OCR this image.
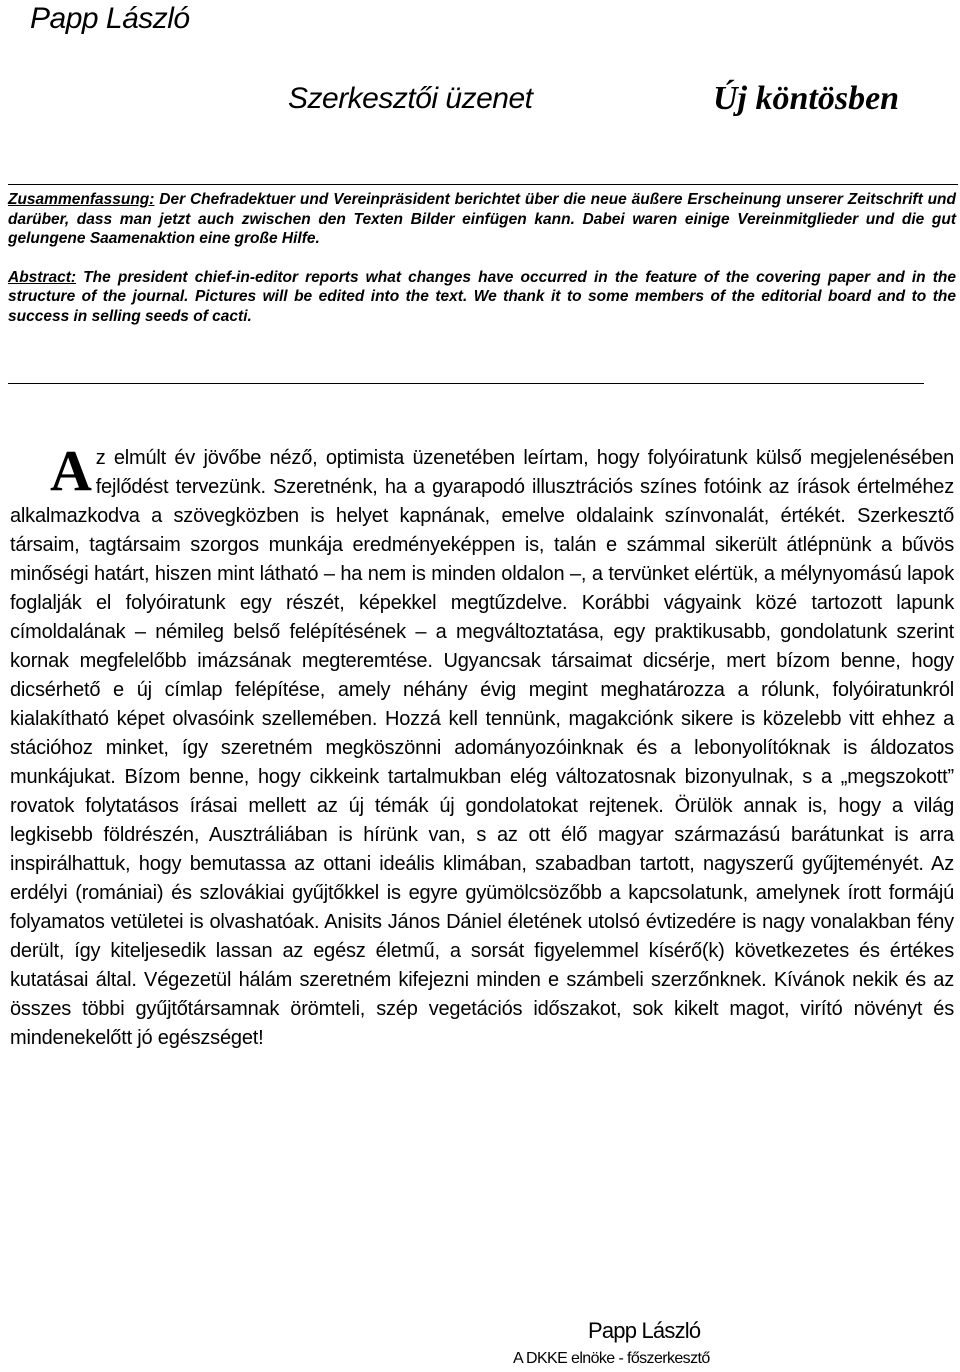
Papp László
Szerkesztői üzenet	Új köntösben

Zusammenfassung: Der Chefradektuer und Vereinpräsident berichtet über die neue äußere Erscheinung unserer Zeitschrift und darüber, dass man jetzt auch zwischen den Texten Bilder einfügen kann. Dabei waren einige Vereinmitglieder und die gut gelungene Saamenaktion eine große Hilfe.

Abstract: The president chief-in-editor reports what changes have occurred in the feature of the covering paper and in the structure of the journal. Pictures will be edited into the text. We thank it to some members of the editorial board and to the success in selling seeds of cacti.

Az elmúlt év jövőbe néző, optimista üzenetében leírtam, hogy folyóiratunk külső megjelenésében fejlődést tervezünk. Szeretnénk, ha a gyarapodó illusztrációs színes fotóink az írások értelméhez alkalmazkodva a szövegközben is helyet kapnának, emelve oldalaink színvonalát, értékét. Szerkesztő társaim, tagtársaim szorgos munkája eredményeképpen is, talán e számmal sikerült átlépnünk a bűvös minőségi határt, hiszen mint látható – ha nem is minden oldalon –, a tervünket elértük, a mélynyomású lapok foglalják el folyóiratunk egy részét, képekkel megtűzdelve. Korábbi vágyaink közé tartozott lapunk címoldalának – némileg belső felépítésének – a megváltoztatása, egy praktikusabb, gondolatunk szerint kornak megfelelőbb imázsának megteremtése. Ugyancsak társaimat dicsérje, mert bízom benne, hogy dicsérhető e új címlap felépítése, amely néhány évig megint meghatározza a rólunk, folyóiratunkról kialakítható képet olvasóink szellemében. Hozzá kell tennünk, magakciónk sikere is közelebb vitt ehhez a stációhoz minket, így szeretném megköszönni adományozóinknak és a lebonyolítóknak is áldozatos munkájukat. Bízom benne, hogy cikkeink tartalmukban elég változatosnak bizonyulnak, s a „megszokott” rovatok folytatásos írásai mellett az új témák új gondolatokat rejtenek. Örülök annak is, hogy a világ legkisebb földrészén, Ausztráliában is hírünk van, s az ott élő magyar származású barátunkat is arra inspirálhattuk, hogy bemutassa az ottani ideális klimában, szabadban tartott, nagyszerű gyűjteményét. Az erdélyi (romániai) és szlovákiai gyűjtőkkel is egyre gyümölcsözőbb a kapcsolatunk, amelynek írott formájú folyamatos vetületei is olvashatóak. Anisits János Dániel életének utolsó évtizedére is nagy vonalakban fény derült, így kiteljesedik lassan az egész életmű, a sorsát figyelemmel kísérő(k) következetes és értékes kutatásai által. Végezetül hálám szeretném kifejezni minden e számbeli szerzőnknek. Kívánok nekik és az összes többi gyűjtőtársamnak örömteli, szép vegetációs időszakot, sok kikelt magot, virító növényt és mindenekelőtt jó egészséget!
Papp László
A DKKE elnöke - főszerkesztő
